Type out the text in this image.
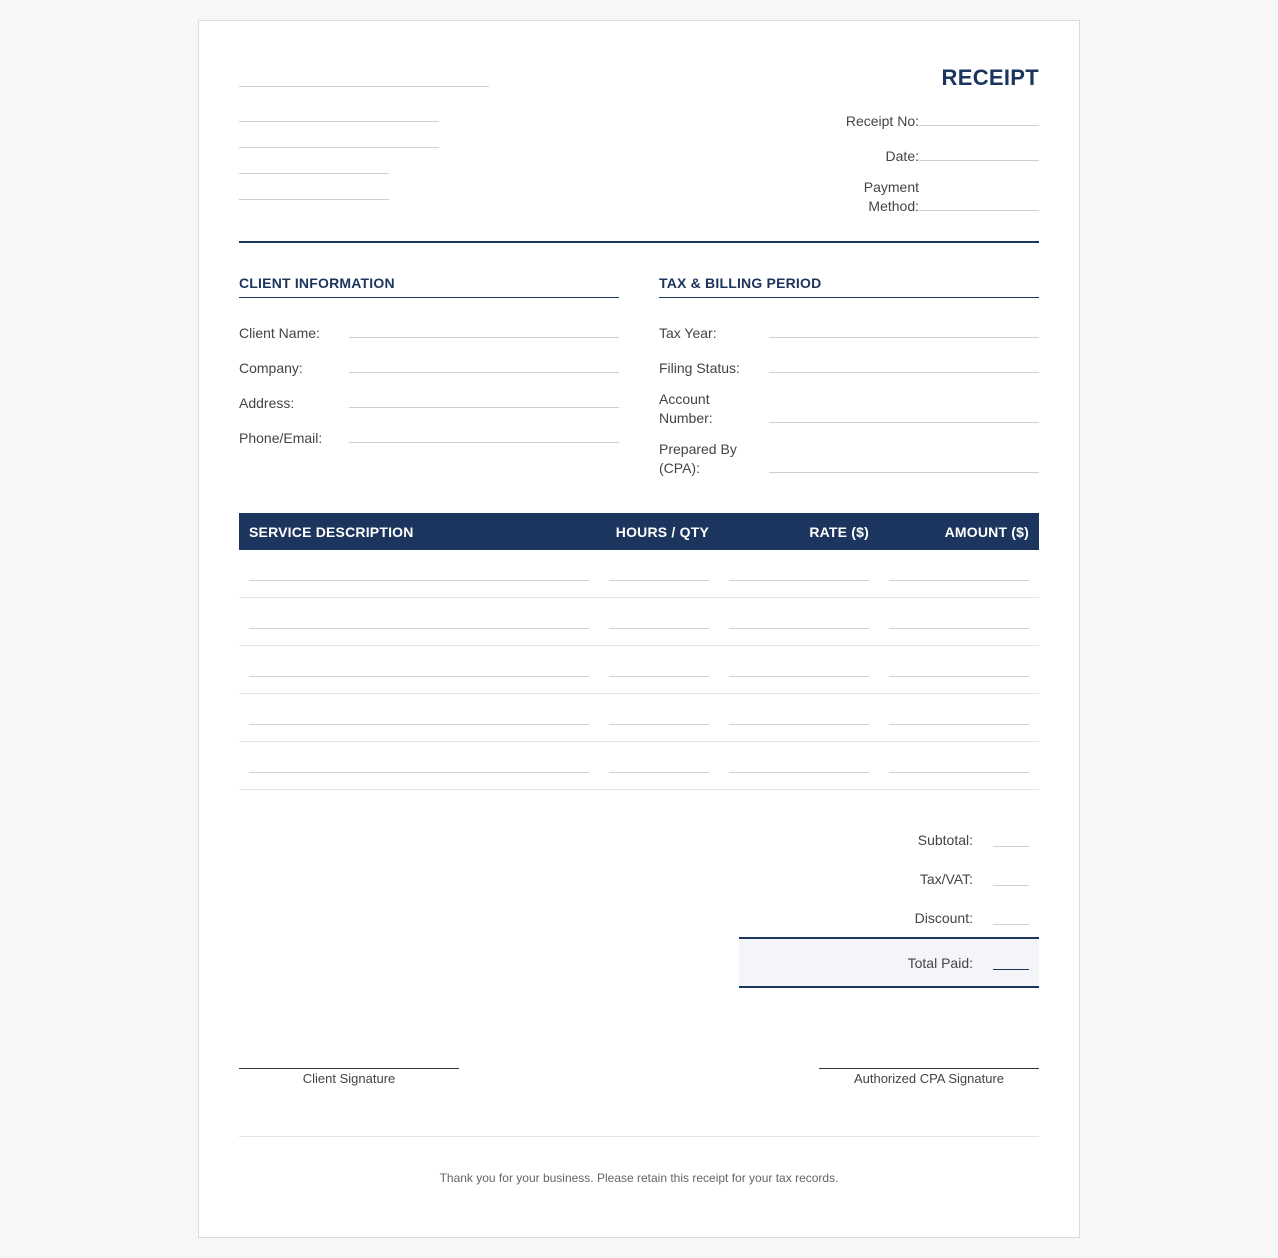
RECEIPT
Receipt No:
Date:
Payment
Method:
CLIENT INFORMATION
Client Name:
Company:
Address:
Phone/Email:
TAX & BILLING PERIOD
Tax Year:
Filing Status:
Account
Number:
Prepared By
(CPA):
SERVICE DESCRIPTION	HOURS / QTY	RATE ($)	AMOUNT ($)
Subtotal:
Tax/VAT:
Discount:
Total Paid:
Client Signature	Authorized CPA Signature
Thank you for your business. Please retain this receipt for your tax records.
